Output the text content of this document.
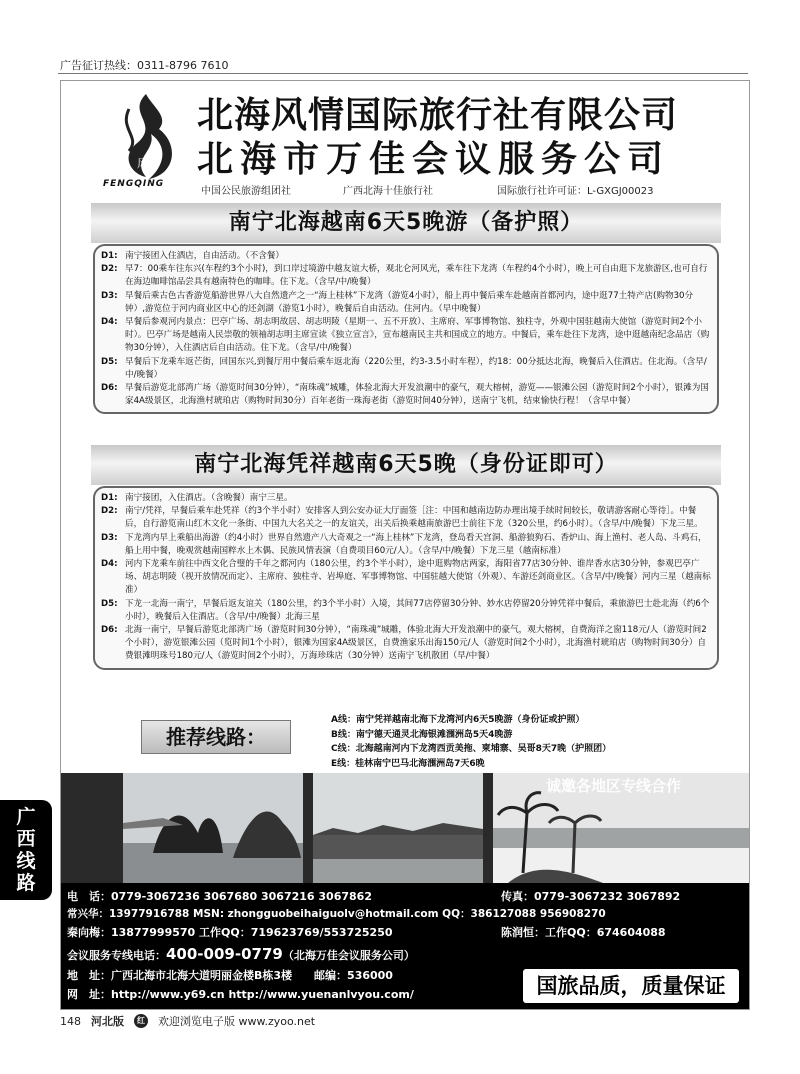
广告征订热线：0311-8796 7610
风情
FENGQING
北海风情国际旅行社有限公司
北海市万佳会议服务公司
中国公民旅游组团社	广西北海十佳旅行社	国际旅行社许可证：L-GXGJ00023
南宁北海越南6天5晚游（备护照）
D1: 南宁接团入住酒店，自由活动。（不含餐）
D2: 早7：00乘车往东兴(车程约3个小时)，到口岸过境游中越友谊大桥，观北仑河风光，乘车往下龙湾（车程约4个小时），晚上可自由逛下龙旅游区,也可自行在海边咖啡馆品尝具有越南特色的咖啡。住下龙。（含早/中/晚餐）
D3: 早餐后乘古色古香游览船游世界八大自然遗产之一“海上桂林”下龙湾（游览4小时），船上再中餐后乘车赴越南首都河内，途中逛77土特产店(购物30分钟）,游览位于河内商业区中心的还剑湖（游览1小时），晚餐后自由活动。住河内。（早中晚餐）
D4: 早餐后参观河内景点：巴亭广场、胡志明故居、胡志明陵（星期一、五不开放）、主席府、军事博物馆、独柱寺，外观中国驻越南大使馆（游览时间2个小时）。巴亭广场是越南人民崇敬的领袖胡志明主席宣读《独立宣言》，宣布越南民主共和国成立的地方。中餐后，乘车赴往下龙湾，途中逛越南纪念品店（购物30分钟），入住酒店后自由活动。住下龙。（含早/中/晚餐）
D5: 早餐后下龙乘车返芒街，回国东兴,到餐厅用中餐后乘车返北海（220公里，约3-3.5小时车程），约18：00分抵达北海，晚餐后入住酒店。住北海。（含早/中/晚餐）
D6: 早餐后游览北部湾广场（游览时间30分钟），“南珠魂”城雕，体验北海大开发浪潮中的豪气，观大榕树，游览——银滩公园（游览时间2个小时），银滩为国家4A级景区，北海渔村琥珀店（购物时间30分）百年老街一珠海老街（游览时间40分钟），送南宁飞机，结束愉快行程！（含早中餐）
南宁北海凭祥越南6天5晚（身份证即可）
D1: 南宁接团，入住酒店。（含晚餐）南宁三星。
D2: 南宁/凭祥，早餐后乘车赴凭祥（约3个半小时）安排客人到公安办证大厅面签［注：中国和越南边防办理出境手续时间较长，敬请游客耐心等待］。中餐后，自行游览南山红木文化一条街、中国九大名关之一的友谊关，出关后换乘越南旅游巴士前往下龙（320公里，约6小时）。（含早/中/晚餐）下龙三星。
D3: 下龙湾内早上乘船出海游（约4小时）世界自然遗产八大奇观之一“海上桂林”下龙湾，登岛看天宫洞、船游狼狗石、香炉山、海上渔村、老人岛、斗鸡石，船上用中餐，晚观赏越南国粹水上木偶、民族风情表演（自费项目60元/人）。（含早/中/晚餐）下龙三星（越南标准）
D4: 河内下龙乘车前往中西文化合璧的千年之都河内（180公里，约3个半小时），途中逛购物店两家，海阳省77店30分钟、谁岸香水店30分钟，参观巴亭广场、胡志明陵（视开放情况而定）、主席府、独柱寺、岩埠庭、军事博物馆、中国驻越大使馆（外观）、车游还剑商业区。（含早/中/晚餐）河内三星（越南标准）
D5: 下龙一北海一南宁，早餐后返友谊关（180公里，约3个半小时）入境，其间77店停留30分钟、妙水店停留20分钟凭祥中餐后，乘旅游巴士赴北海（约6个小时），晚餐后入住酒店。（含早/中/晚餐）北海三星
D6: 北海一南宁，早餐后游览北部湾广场（游览时间30分钟），“南珠魂”城雕，体验北海大开发浪潮中的豪气，观大榕树，自费海洋之窗118元/人（游览时间2个小时），游览银滩公园（览时间1个小时），银滩为国家4A级景区，自费渔家乐出海150元/人（游览时间2个小时），北海渔村琥珀店（购物时间30分）自费银滩明珠号180元/人（游览时间2个小时），万海珍珠店（30分钟）送南宁飞机散团（早/中餐）
推荐线路：
A线：南宁凭祥越南北海下龙湾河内6天5晚游（身份证或护照）
B线：南宁德天通灵北海银滩涠洲岛5天4晚游
C线：北海越南河内下龙湾西贡美拖、柬埔寨、吴哥8天7晚（护照团）
E线：桂林南宁巴马北海涠洲岛7天6晚
诚邀各地区专线合作
电　话：0779-3067236 3067680 3067216 3067862	传真：0779-3067232 3067892
常兴华：13977916788 MSN: zhongguobeihaiguolv@hotmail.com QQ：386127088 956908270
秦向梅：13877999570 工作QQ：719623769/553725250	陈润恒：工作QQ：674604088
会议服务专线电话：400-009-0779（北海万佳会议服务公司）
地　址：广西北海市北海大道明丽金楼B栋3楼　　邮编：536000
网　址：http://www.y69.cn http://www.yuenanlvyou.com/	国旅品质，质量保证
广西线路
148 河北版	红 欢迎浏览电子版 www.zyoo.net
